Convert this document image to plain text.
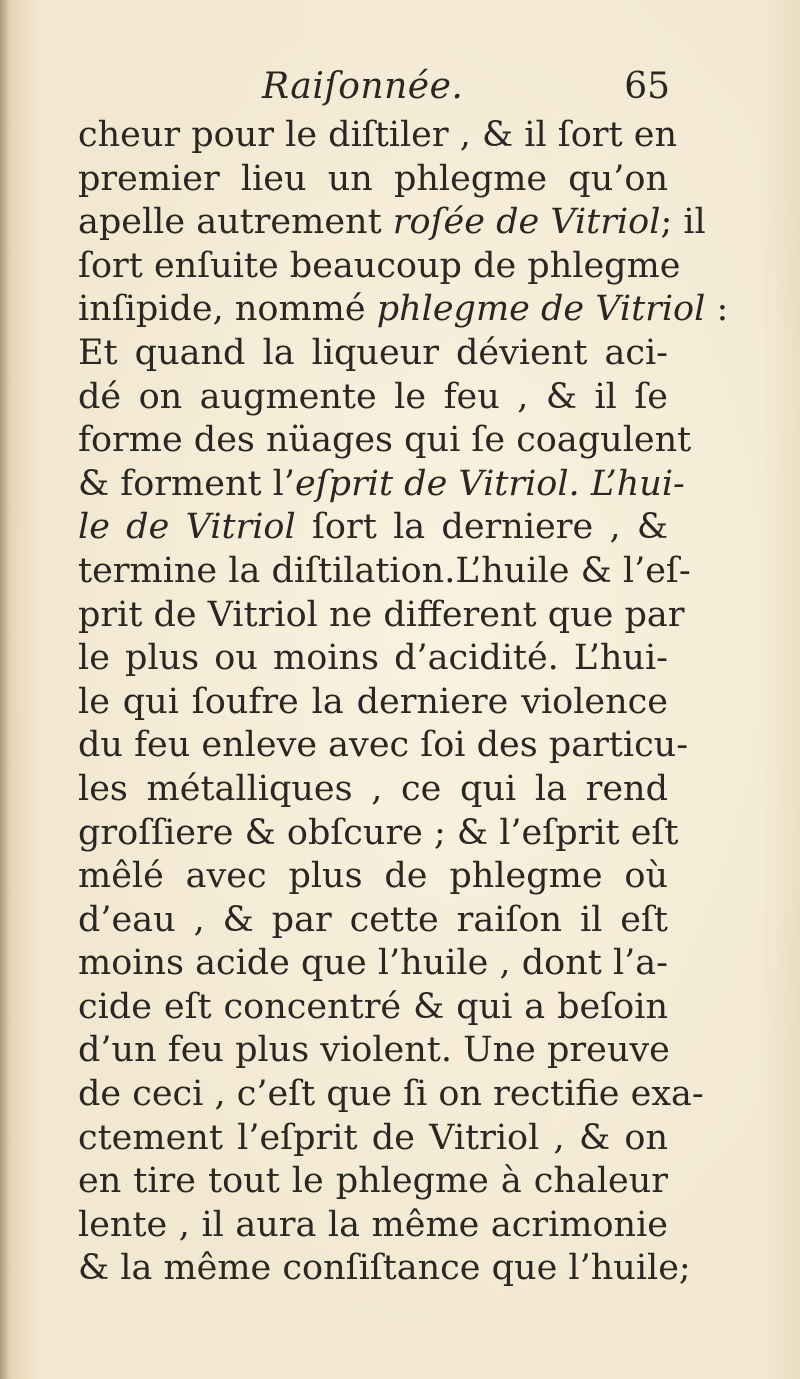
Raiſonnée.	65
cheur pour le diſtiler , & il ſort en
premier lieu un phlegme qu’on
apelle autrement roſée de Vitriol; il
ſort enſuite beaucoup de phlegme
inſipide, nommé phlegme de Vitriol :
Et quand la liqueur dévient aci-
dé on augmente le feu , & il ſe
forme des nüages qui ſe coagulent
& forment l’eſprit de Vitriol. L’hui-
le de Vitriol ſort la derniere , &
termine la diſtilation.L’huile & l’eſ-
prit de Vitriol ne different que par
le plus ou moins d’acidité. L’hui-
le qui ſoufre la derniere violence
du feu enleve avec ſoi des particu-
les métalliques , ce qui la rend
groſſiere & obſcure ; & l’eſprit eſt
mêlé avec plus de phlegme où
d’eau , & par cette raiſon il eſt
moins acide que l’huile , dont l’a-
cide eſt concentré & qui a beſoin
d’un feu plus violent. Une preuve
de ceci , c’eſt que ſi on rectifie exa-
ctement l’eſprit de Vitriol , & on
en tire tout le phlegme à chaleur
lente , il aura la même acrimonie
& la même conſiſtance que l’huile;
